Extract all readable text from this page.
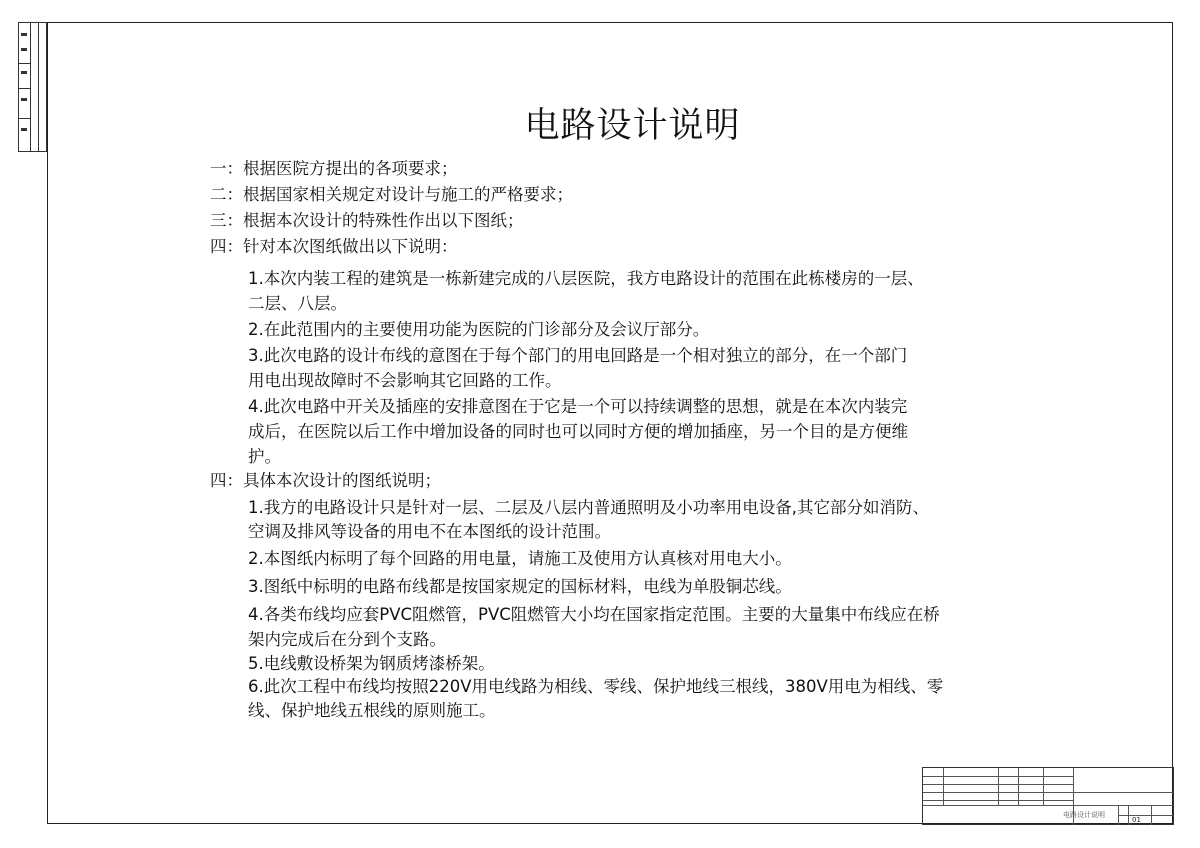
电路设计说明
一：根据医院方提出的各项要求；
二：根据国家相关规定对设计与施工的严格要求；
三：根据本次设计的特殊性作出以下图纸；
四：针对本次图纸做出以下说明：
1.本次内装工程的建筑是一栋新建完成的八层医院，我方电路设计的范围在此栋楼房的一层、
二层、八层。
2.在此范围内的主要使用功能为医院的门诊部分及会议厅部分。
3.此次电路的设计布线的意图在于每个部门的用电回路是一个相对独立的部分，在一个部门
用电出现故障时不会影响其它回路的工作。
4.此次电路中开关及插座的安排意图在于它是一个可以持续调整的思想，就是在本次内装完
成后，在医院以后工作中增加设备的同时也可以同时方便的增加插座，另一个目的是方便维
护。
四：具体本次设计的图纸说明；
1.我方的电路设计只是针对一层、二层及八层内普通照明及小功率用电设备,其它部分如消防、
空调及排风等设备的用电不在本图纸的设计范围。
2.本图纸内标明了每个回路的用电量，请施工及使用方认真核对用电大小。
3.图纸中标明的电路布线都是按国家规定的国标材料，电线为单股铜芯线。
4.各类布线均应套PVC阻燃管，PVC阻燃管大小均在国家指定范围。主要的大量集中布线应在桥
架内完成后在分到个支路。
5.电线敷设桥架为钢质烤漆桥架。
6.此次工程中布线均按照220V用电线路为相线、零线、保护地线三根线，380V用电为相线、零
线、保护地线五根线的原则施工。
电路设计说明
01
